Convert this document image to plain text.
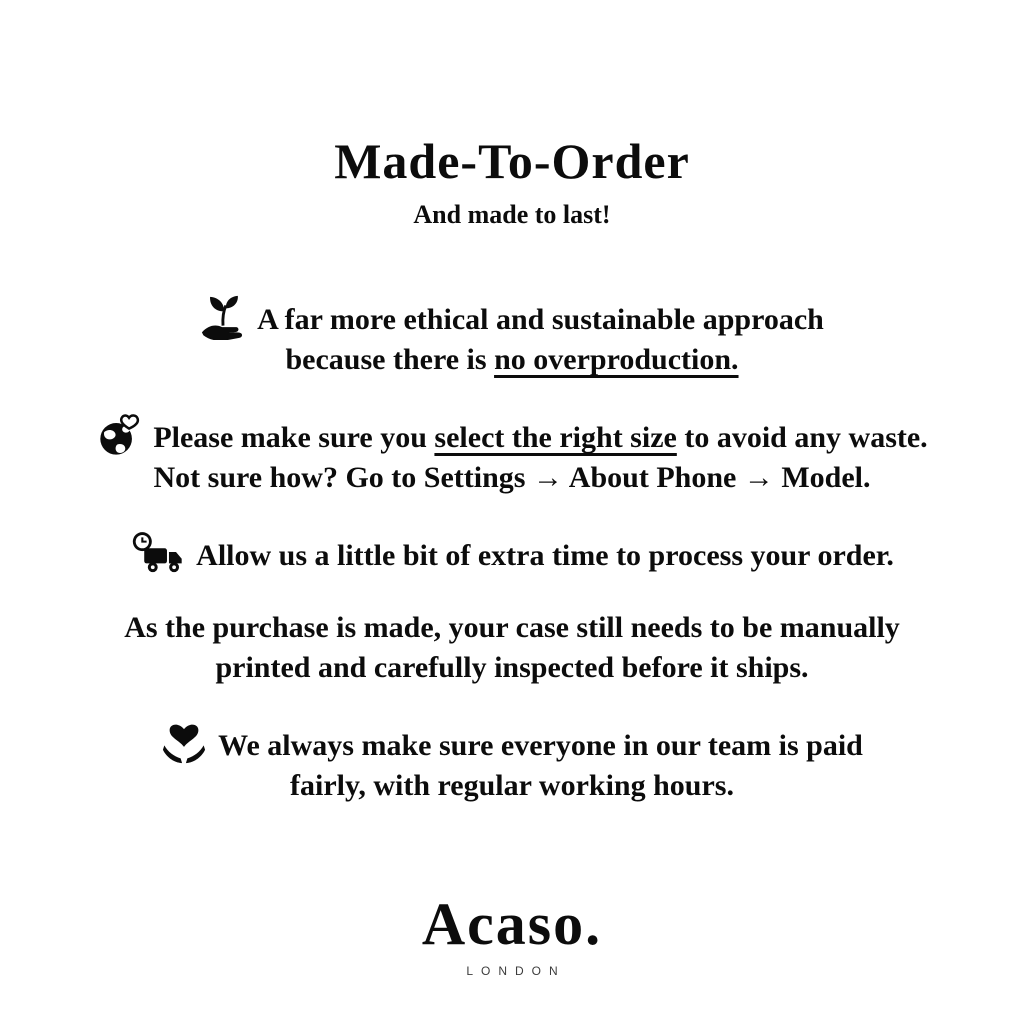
Made-To-Order
And made to last!

A far more ethical and sustainable approach
because there is no overproduction.

Please make sure you select the right size to avoid any waste.
Not sure how? Go to Settings → About Phone → Model.

Allow us a little bit of extra time to process your order.

As the purchase is made, your case still needs to be manually
printed and carefully inspected before it ships.

We always make sure everyone in our team is paid
fairly, with regular working hours.

Acaso.
LONDON
